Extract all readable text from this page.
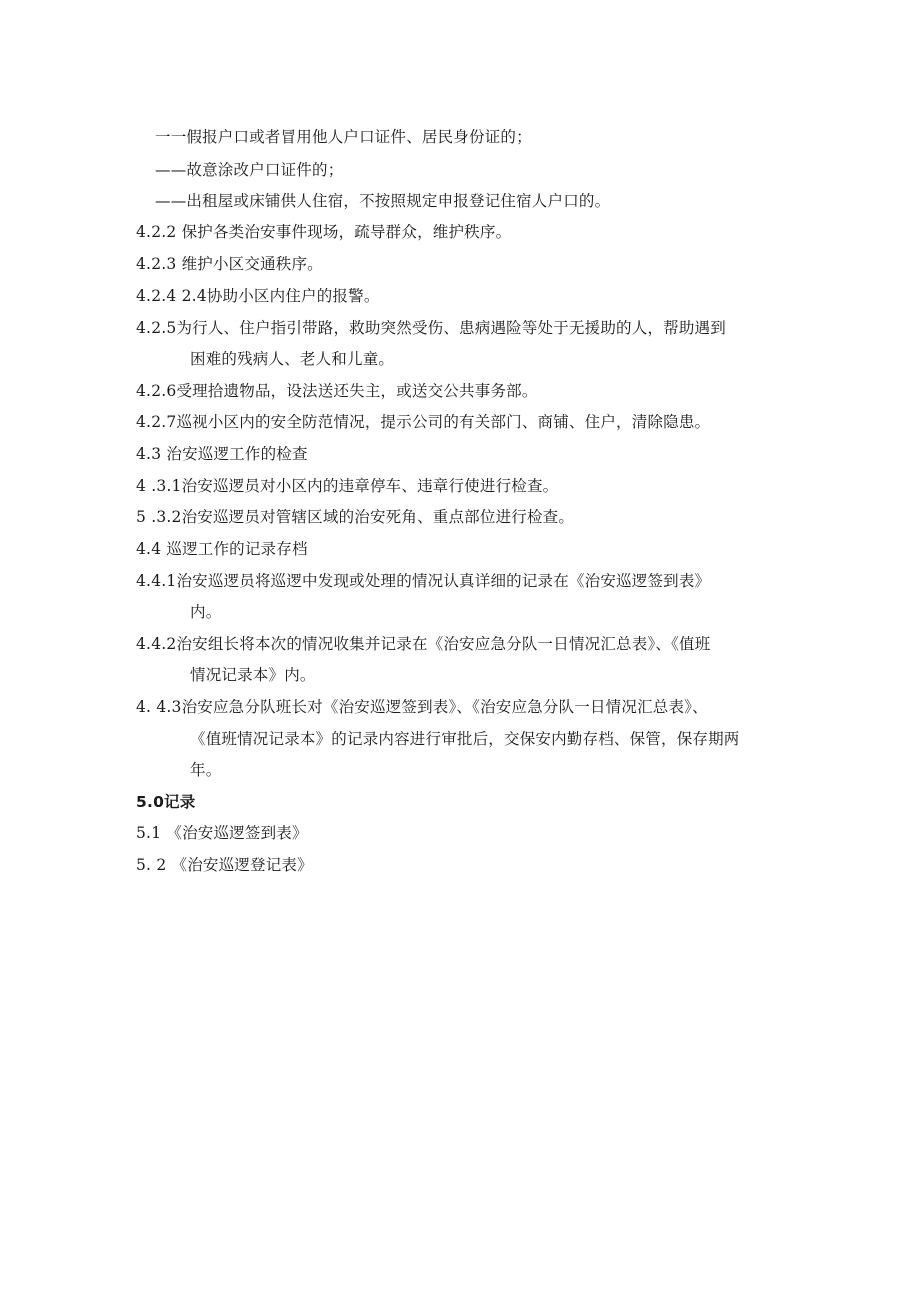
一一假报户口或者冒用他人户口证件、居民身份证的；
——故意涂改户口证件的；
——出租屋或床铺供人住宿，不按照规定申报登记住宿人户口的。
4.2.2 保护各类治安事件现场，疏导群众，维护秩序。
4.2.3 维护小区交通秩序。
4.2.4 2.4协助小区内住户的报警。
4.2.5为行人、住户指引带路，救助突然受伤、患病遇险等处于无援助的人，帮助遇到
困难的残病人、老人和儿童。
4.2.6受理拾遗物品，设法送还失主，或送交公共事务部。
4.2.7巡视小区内的安全防范情况，提示公司的有关部门、商铺、住户，清除隐患。
4.3 治安巡逻工作的检查
4 .3.1治安巡逻员对小区内的违章停车、违章行使进行检查。
5 .3.2治安巡逻员对管辖区域的治安死角、重点部位进行检查。
4.4 巡逻工作的记录存档
4.4.1治安巡逻员将巡逻中发现或处理的情况认真详细的记录在《治安巡逻签到表》
内。
4.4.2治安组长将本次的情况收集并记录在《治安应急分队一日情况汇总表》、《值班
情况记录本》内。
4. 4.3治安应急分队班长对《治安巡逻签到表》、《治安应急分队一日情况汇总表》、
《值班情况记录本》的记录内容进行审批后，交保安内勤存档、保管，保存期两
年。
5.0记录
5.1 《治安巡逻签到表》
5. 2 《治安巡逻登记表》
